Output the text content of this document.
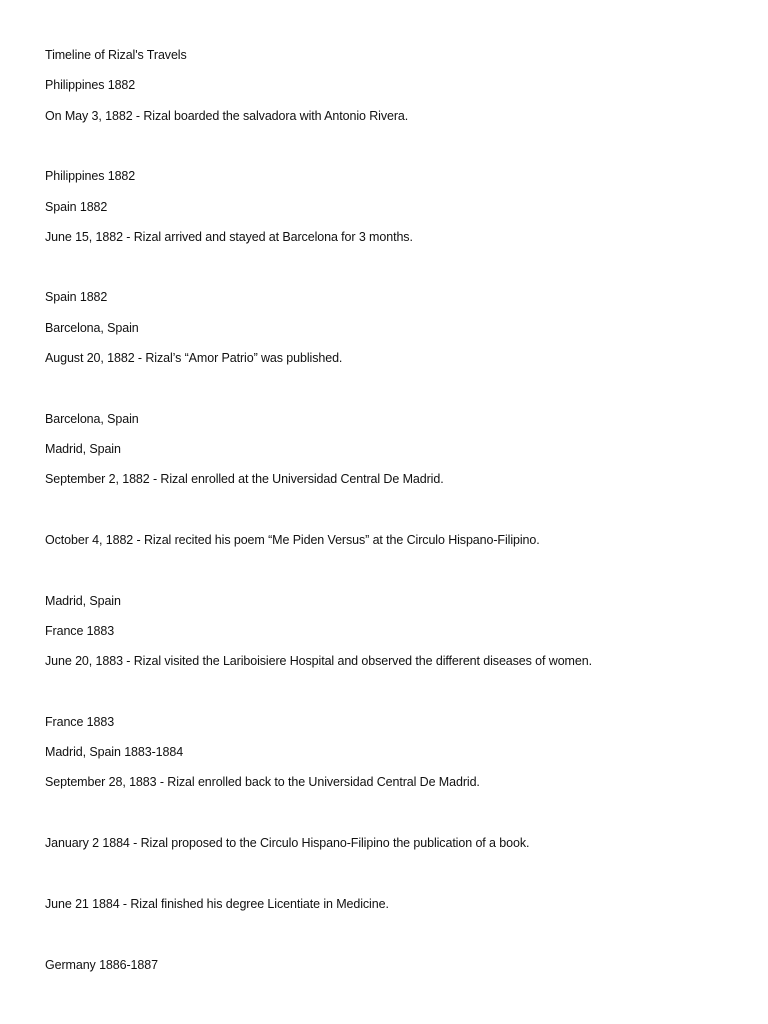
Timeline of Rizal's Travels
Philippines 1882
On May 3, 1882 - Rizal boarded the salvadora with Antonio Rivera.
Philippines 1882
Spain 1882
June 15, 1882 - Rizal arrived and stayed at Barcelona for 3 months.
Spain 1882
Barcelona, Spain
August 20, 1882 - Rizal’s “Amor Patrio” was published.
Barcelona, Spain
Madrid, Spain
September 2, 1882 - Rizal enrolled at the Universidad Central De Madrid.
October 4, 1882 - Rizal recited his poem “Me Piden Versus” at the Circulo Hispano-Filipino.
Madrid, Spain
France 1883
June 20, 1883 - Rizal visited the Lariboisiere Hospital and observed the different diseases of women.
France 1883
Madrid, Spain 1883-1884
September 28, 1883 - Rizal enrolled back to the Universidad Central De Madrid.
January 2 1884 - Rizal proposed to the Circulo Hispano-Filipino the publication of a book.
June 21 1884 - Rizal finished his degree Licentiate in Medicine.
Germany 1886-1887
